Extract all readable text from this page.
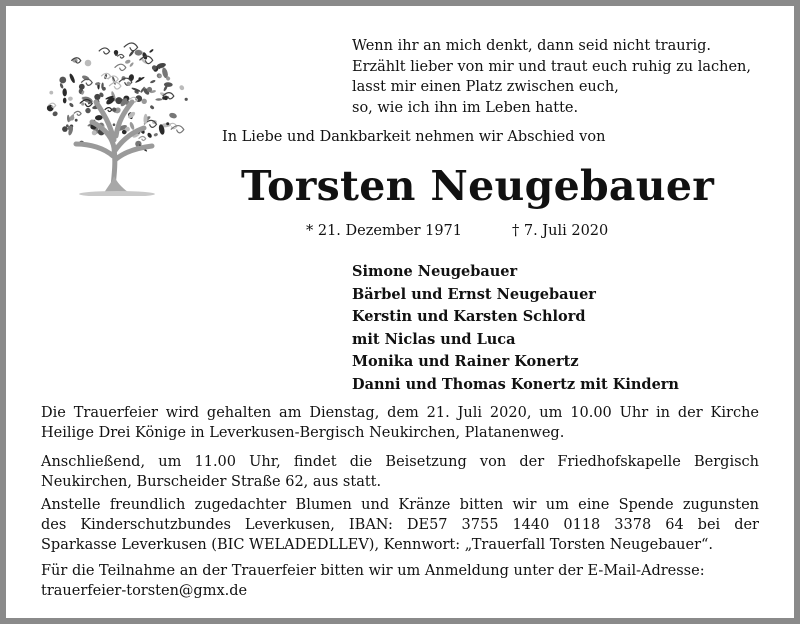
Wenn ihr an mich denkt, dann seid nicht traurig.
Erzählt lieber von mir und traut euch ruhig zu lachen,
lasst mir einen Platz zwischen euch,
so, wie ich ihn im Leben hatte.
In Liebe und Dankbarkeit nehmen wir Abschied von
Torsten Neugebauer
* 21. Dezember 1971	† 7. Juli 2020
Simone Neugebauer
Bärbel und Ernst Neugebauer
Kerstin und Karsten Schlord
mit Niclas und Luca
Monika und Rainer Konertz
Danni und Thomas Konertz mit Kindern
Die Trauerfeier wird gehalten am Dienstag, dem 21. Juli 2020, um 10.00 Uhr in der Kirche
Heilige Drei Könige in Leverkusen-Bergisch Neukirchen, Platanenweg.
Anschließend, um 11.00 Uhr, findet die Beisetzung von der Friedhofskapelle Bergisch
Neukirchen, Burscheider Straße 62, aus statt.
Anstelle freundlich zugedachter Blumen und Kränze bitten wir um eine Spende zugunsten
des Kinderschutzbundes Leverkusen, IBAN: DE57 3755 1440 0118 3378 64 bei der
Sparkasse Leverkusen (BIC WELADEDLLEV), Kennwort: „Trauerfall Torsten Neugebauer“.
Für die Teilnahme an der Trauerfeier bitten wir um Anmeldung unter der E-Mail-Adresse:
trauerfeier-torsten@gmx.de
